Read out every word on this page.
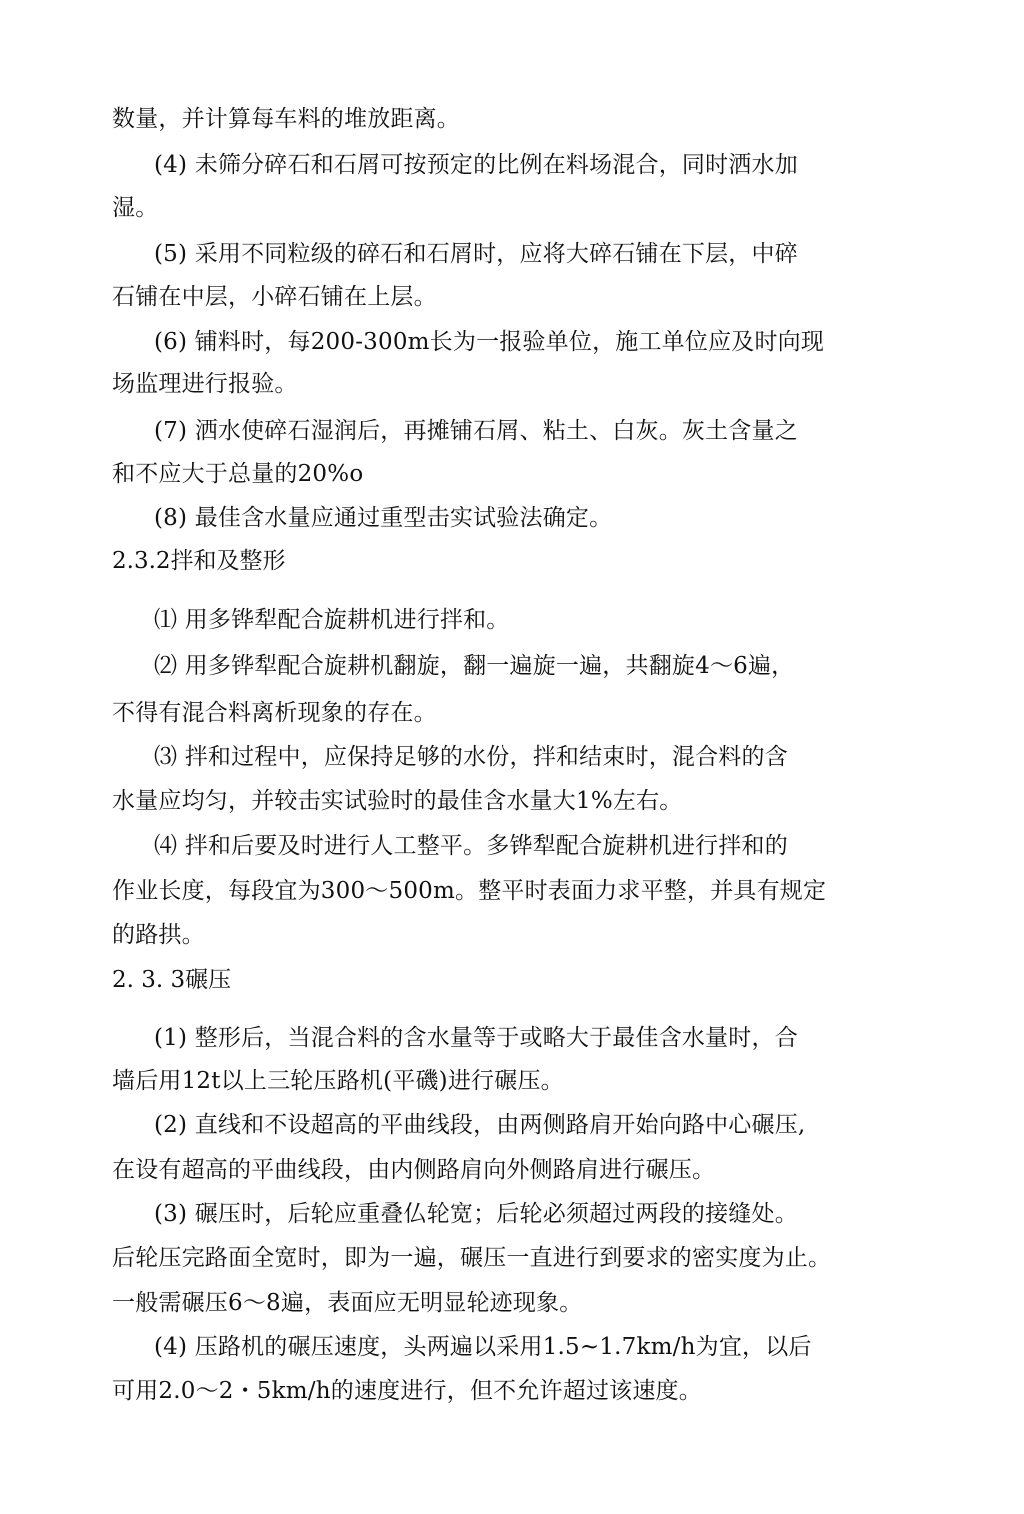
数量，并计算每车料的堆放距离。
(4) 未筛分碎石和石屑可按预定的比例在料场混合，同时洒水加
湿。
(5) 采用不同粒级的碎石和石屑时，应将大碎石铺在下层，中碎
石铺在中层，小碎石铺在上层。
(6) 铺料时，每200-300m长为一报验单位，施工单位应及时向现
场监理进行报验。
(7) 洒水使碎石湿润后，再摊铺石屑、粘土、白灰。灰土含量之
和不应大于总量的20%o
(8) 最佳含水量应通过重型击实试验法确定。
2.3.2拌和及整形
⑴ 用多铧犁配合旋耕机进行拌和。
⑵ 用多铧犁配合旋耕机翻旋，翻一遍旋一遍，共翻旋4～6遍，
不得有混合料离析现象的存在。
⑶ 拌和过程中，应保持足够的水份，拌和结束时，混合料的含
水量应均匀，并较击实试验时的最佳含水量大1%左右。
⑷ 拌和后要及时进行人工整平。多铧犁配合旋耕机进行拌和的
作业长度，每段宜为300～500m。整平时表面力求平整，并具有规定
的路拱。
2. 3. 3碾压
(1) 整形后，当混合料的含水量等于或略大于最佳含水量时，合
墙后用12t以上三轮压路机(平磯)进行碾压。
(2) 直线和不设超高的平曲线段，由两侧路肩开始向路中心碾压,
在设有超高的平曲线段，由内侧路肩向外侧路肩进行碾压。
(3) 碾压时，后轮应重叠仏轮宽；后轮必须超过两段的接缝处。
后轮压完路面全宽时，即为一遍，碾压一直进行到要求的密实度为止。
一般需碾压6～8遍，表面应无明显轮迹现象。
(4) 压路机的碾压速度，头两遍以采用1.5~1.7km/h为宜，以后
可用2.0～2・5km/h的速度进行，但不允许超过该速度。
